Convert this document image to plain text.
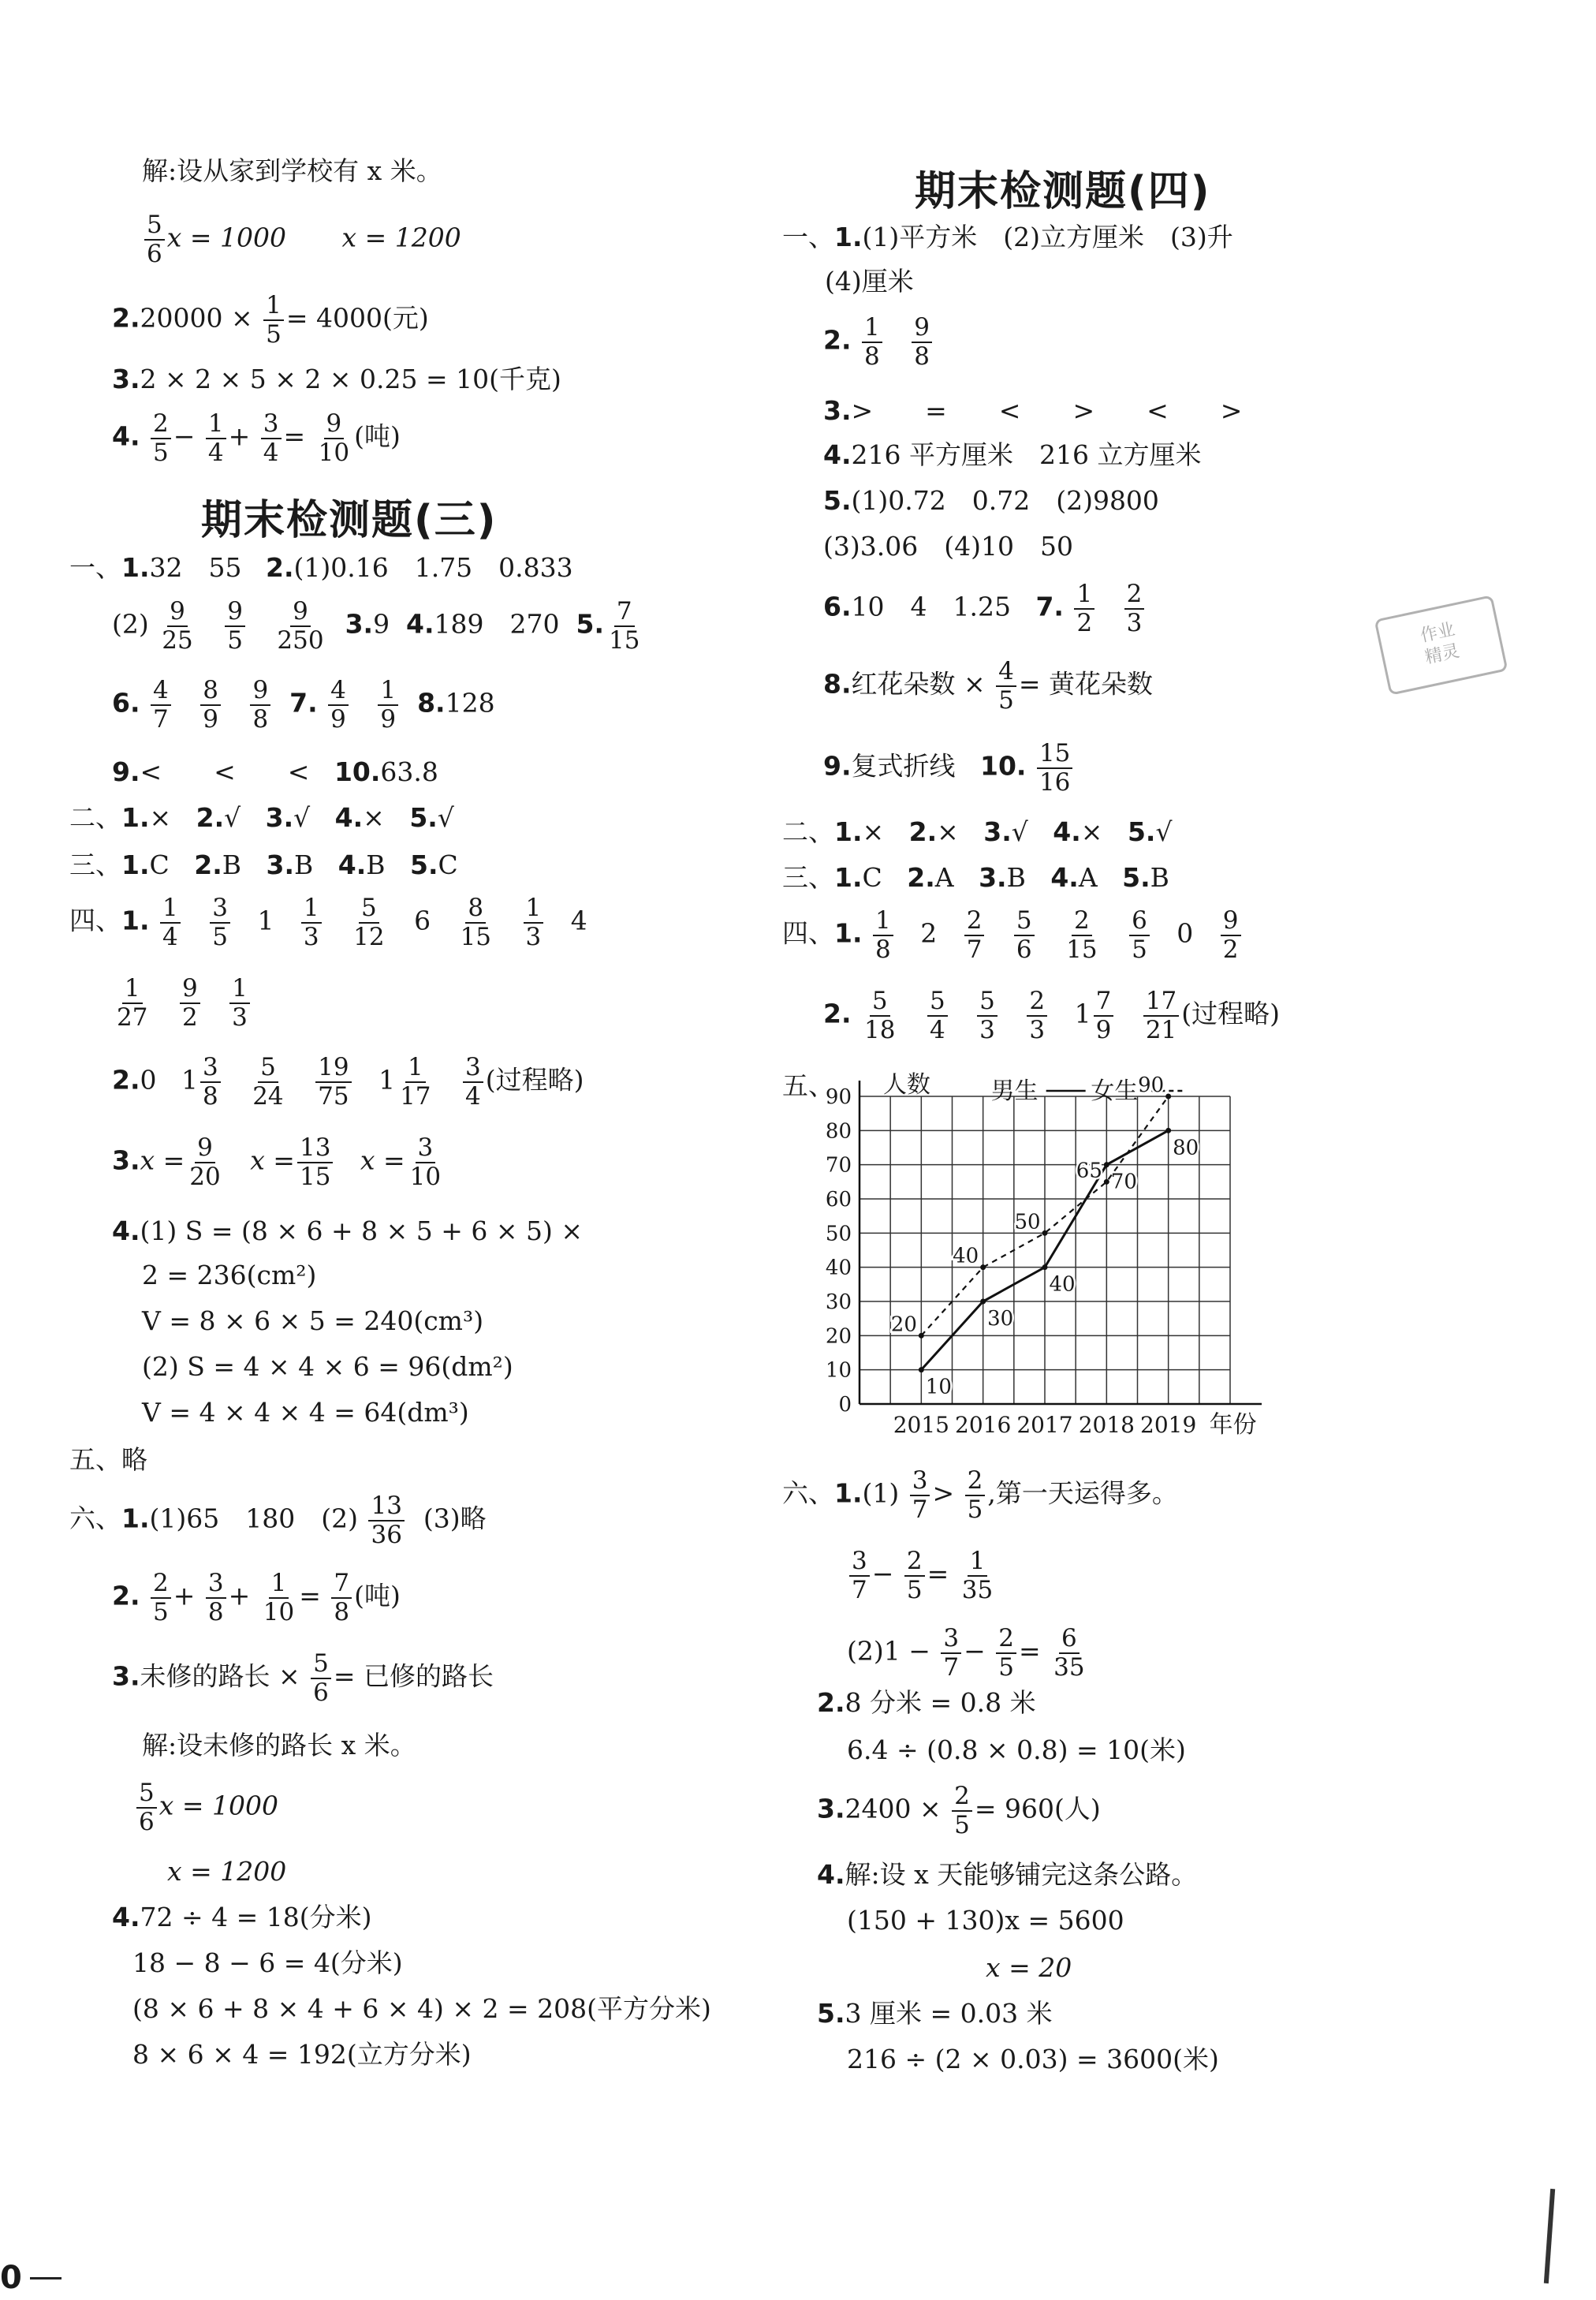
解:设从家到学校有 x 米。
$\frac{5}{6}$ x = 1000 x = 1200
$2.20000 \times \frac{1}{5} = 4000$(元)
3.2 × 2 × 5 × 2 × 0.25 = 10(千克)
4. $\frac{2}{5} - \frac{1}{4} + \frac{3}{4} = \frac{9}{10}$ (吨)
期末检测题(三)
一、1.32　55 2.(1)0.16　1.75　0.833
$(2) \frac{9}{25}$
$\frac{9}{5}$
$\frac{9}{250} 3.9$ 4.189　270 5. $\frac{7}{15}$
6. $\frac{4}{7}$
$\frac{8}{9}$
$\frac{9}{8} 7$. $\frac{4}{9}$
$\frac{1}{9} 8.128$
9.<　　<　　< 10.63.8
二、1.× 2.√ 3.√ 4.× 5.√
三、1.C 2.B 3.B 4.B 5.C
四、1. $\frac{1}{4}$
$\frac{3}{5} 1 \frac{1}{3}$
$\frac{5}{12} 6 \frac{8}{15}$
$\frac{1}{3} 4$
$\frac{1}{27}$
$\frac{9}{2}$
$\frac{1}{3}$
2.0 $1 \frac{3}{8}$
$\frac{5}{24}$
$\frac{19}{75} 1 \frac{1}{17}$
$\frac{3}{4}$ (过程略)
$3.x = \frac{9}{20}$ $x = \frac{13}{15}$ $x = \frac{3}{10}$
4.(1) S = (8 × 6 + 8 × 5 + 6 × 5) ×
2 = 236(cm²)
V = 8 × 6 × 5 = 240(cm³)
(2) S = 4 × 4 × 6 = 96(dm²)
V = 4 × 4 × 4 = 64(dm³)
五、略
六、1.(1)65　180　$(2) \frac{13}{36} (3)$略
2. $\frac{2}{5} + \frac{3}{8} + \frac{1}{10} = \frac{7}{8}$ (吨)
3.未修的路长 × $\frac{5}{6}$ = 已修的路长
解:设未修的路长 x 米。
$\frac{5}{6}$ x = 1000
x = 1200
4.72 ÷ 4 = 18(分米)
18 − 8 − 6 = 4(分米)
(8 × 6 + 8 × 4 + 6 × 4) × 2 = 208(平方分米)
8 × 6 × 4 = 192(立方分米)
期末检测题(四)
一、1.(1)平方米　(2)立方厘米　(3)升
(4)厘米
2. $\frac{1}{8}$
$\frac{9}{8}$
3.>　　=　　<　　>　　<　　>
4.216 平方厘米　216 立方厘米
5.(1)0.72　0.72　(2)9800
(3)3.06　(4)10　50
6.10　4　1.25 7. $\frac{1}{2}$
$\frac{2}{3}$
8.红花朵数 × $\frac{4}{5}$ = 黄花朵数
9.复式折线 10. $\frac{15}{16}$
二、1.× 2.× 3.√ 4.× 5.√
三、1.C 2.A 3.B 4.A 5.B
四、1. $\frac{1}{8} 2 \frac{2}{7}$
$\frac{5}{6}$
$\frac{2}{15}$
$\frac{6}{5} 0 \frac{9}{2}$
2. $\frac{5}{18}$
$\frac{5}{4}$
$\frac{5}{3}$
$\frac{2}{3} 1 \frac{7}{9}$
$\frac{17}{21}$ (过程略)
五、
0
10
20
30
40
50
60
70
80
90 人数
2015 2016 2017 2018 2019 年份
男生 女生
10
30
40
70
80
20
40
50
65
90
六、$1.(1) \frac{3}{7} > \frac{2}{5}$ ,第一天运得多。
$\frac{3}{7} - \frac{2}{5} = \frac{1}{35}$
$(2)1 - \frac{3}{7} - \frac{2}{5} = \frac{6}{35}$
2.8 分米 = 0.8 米
6.4 ÷ (0.8 × 0.8) = 10(米)
$3.2400 \times \frac{2}{5} = 960$(人)
4.解:设 x 天能够铺完这条公路。
(150 + 130)x = 5600
x = 20
5.3 厘米 = 0.03 米
216 ÷ (2 × 0.03) = 3600(米)
作业
精灵
0
